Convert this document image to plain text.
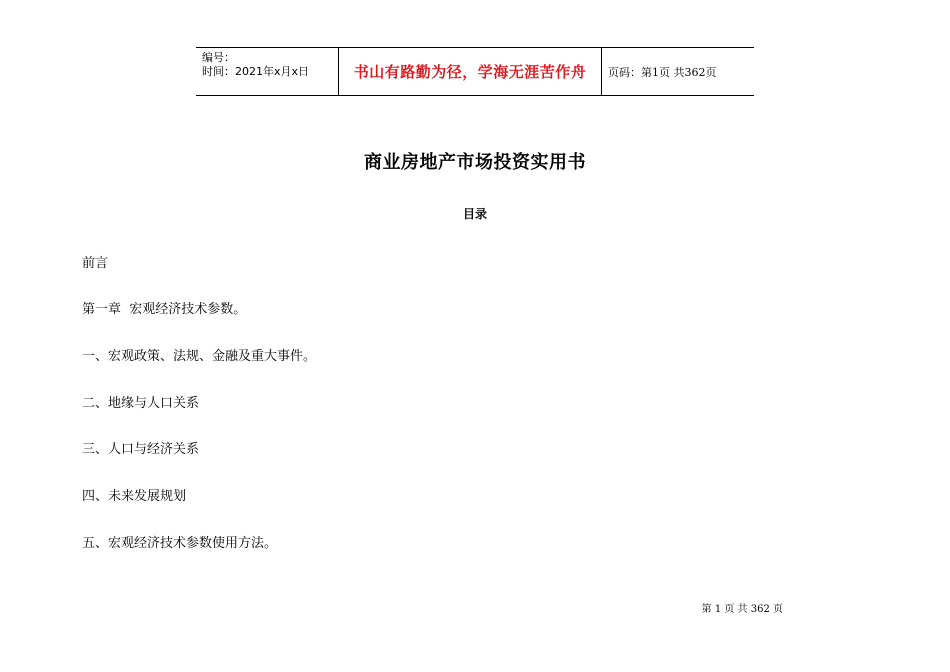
编号：
时间：2021年x月x日	书山有路勤为径，学海无涯苦作舟 页码：第1页 共362页
商业房地产市场投资实用书
目录
前言
第一章  宏观经济技术参数。
一、宏观政策、法规、金融及重大事件。
二、地缘与人口关系
三、人口与经济关系
四、未来发展规划
五、宏观经济技术参数使用方法。
第 1 页 共 362 页
